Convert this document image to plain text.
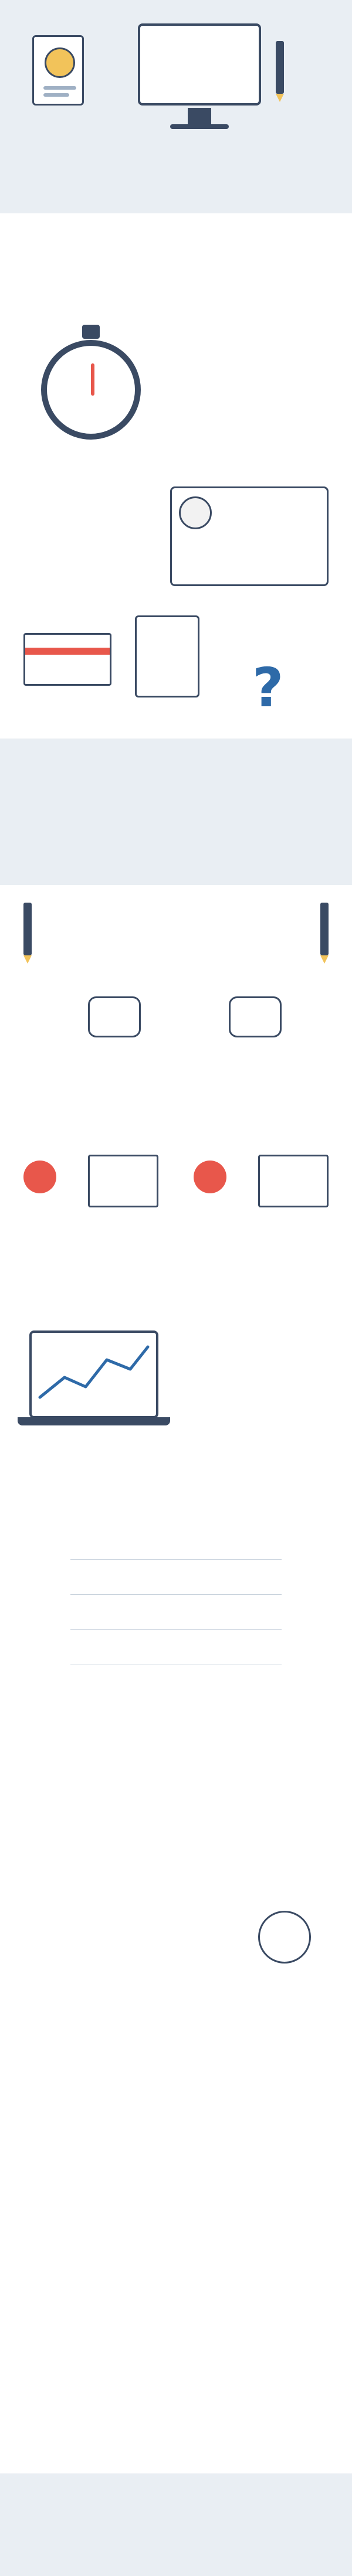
?
